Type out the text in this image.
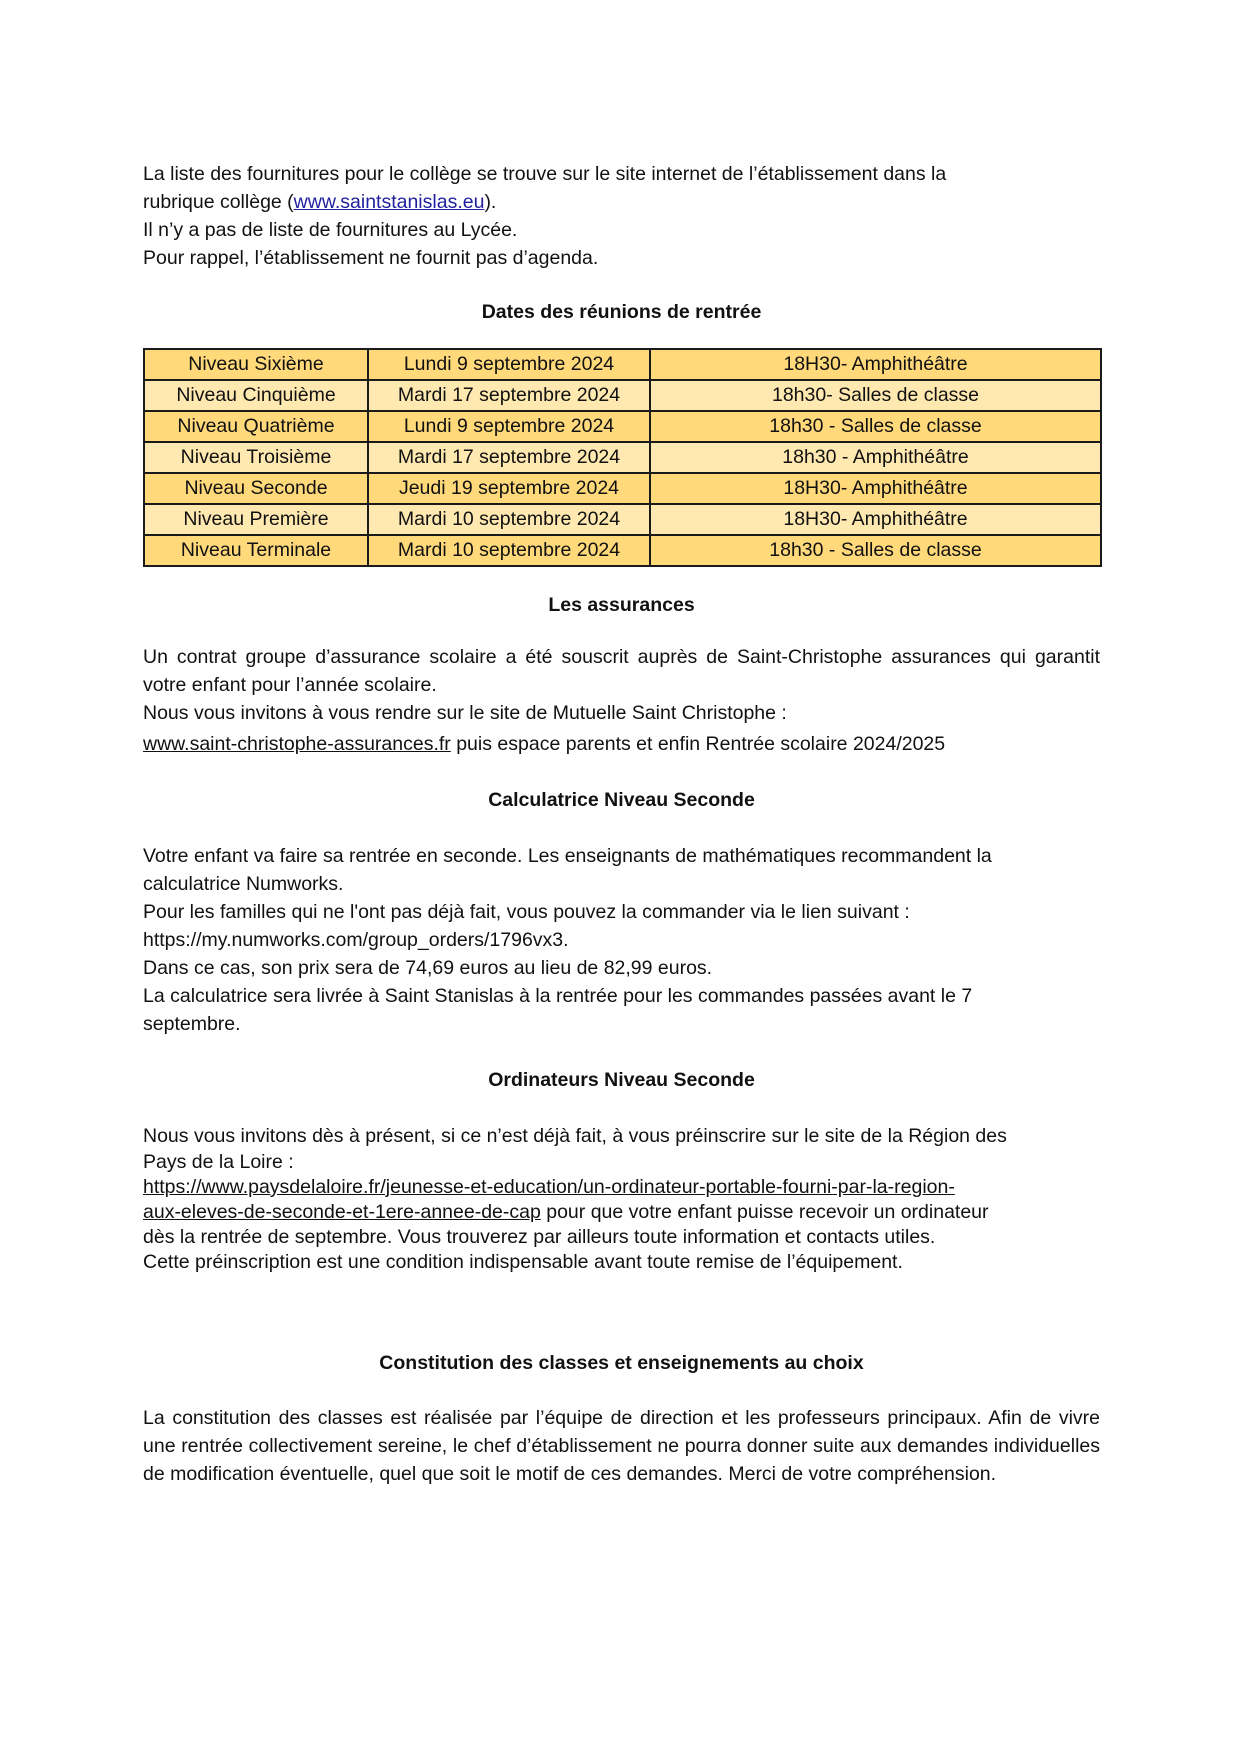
La liste des fournitures pour le collège se trouve sur le site internet de l’établissement dans la

rubrique collège (www.saintstanislas.eu).

Il n’y a pas de liste de fournitures au Lycée.

Pour rappel, l’établissement ne fournit pas d’agenda.

Dates des réunions de rentrée
Niveau Sixième	Lundi 9 septembre 2024	18H30- Amphithéâtre
Niveau Cinquième	Mardi 17 septembre 2024	18h30- Salles de classe
Niveau Quatrième	Lundi 9 septembre 2024	18h30 - Salles de classe
Niveau Troisième	Mardi 17 septembre 2024	18h30 - Amphithéâtre
Niveau Seconde	Jeudi 19 septembre 2024	18H30- Amphithéâtre
Niveau Première	Mardi 10 septembre 2024	18H30- Amphithéâtre
Niveau Terminale	Mardi 10 septembre 2024	18h30 - Salles de classe
Les assurances

Un contrat groupe d’assurance scolaire a été souscrit auprès de Saint-Christophe assurances qui garantit votre enfant pour l’année scolaire.

Nous vous invitons à vous rendre sur le site de Mutuelle Saint Christophe :

www.saint-christophe-assurances.fr puis espace parents et enfin Rentrée scolaire 2024/2025

Calculatrice Niveau Seconde

Votre enfant va faire sa rentrée en seconde. Les enseignants de mathématiques recommandent la

calculatrice Numworks.

Pour les familles qui ne l'ont pas déjà fait, vous pouvez la commander via le lien suivant :

https://my.numworks.com/group_orders/1796vx3.

Dans ce cas, son prix sera de 74,69 euros au lieu de 82,99 euros.

La calculatrice sera livrée à Saint Stanislas à la rentrée pour les commandes passées avant le 7

septembre.

Ordinateurs Niveau Seconde

Nous vous invitons dès à présent, si ce n’est déjà fait, à vous préinscrire sur le site de la Région des

Pays de la Loire :

https://www.paysdelaloire.fr/jeunesse-et-education/un-ordinateur-portable-fourni-par-la-region-

aux-eleves-de-seconde-et-1ere-annee-de-cap pour que votre enfant puisse recevoir un ordinateur

dès la rentrée de septembre. Vous trouverez par ailleurs toute information et contacts utiles.

Cette préinscription est une condition indispensable avant toute remise de l’équipement.

Constitution des classes et enseignements au choix

La constitution des classes est réalisée par l’équipe de direction et les professeurs principaux. Afin de vivre une rentrée collectivement sereine, le chef d’établissement ne pourra donner suite aux demandes individuelles de modification éventuelle, quel que soit le motif de ces demandes. Merci de votre compréhension.
